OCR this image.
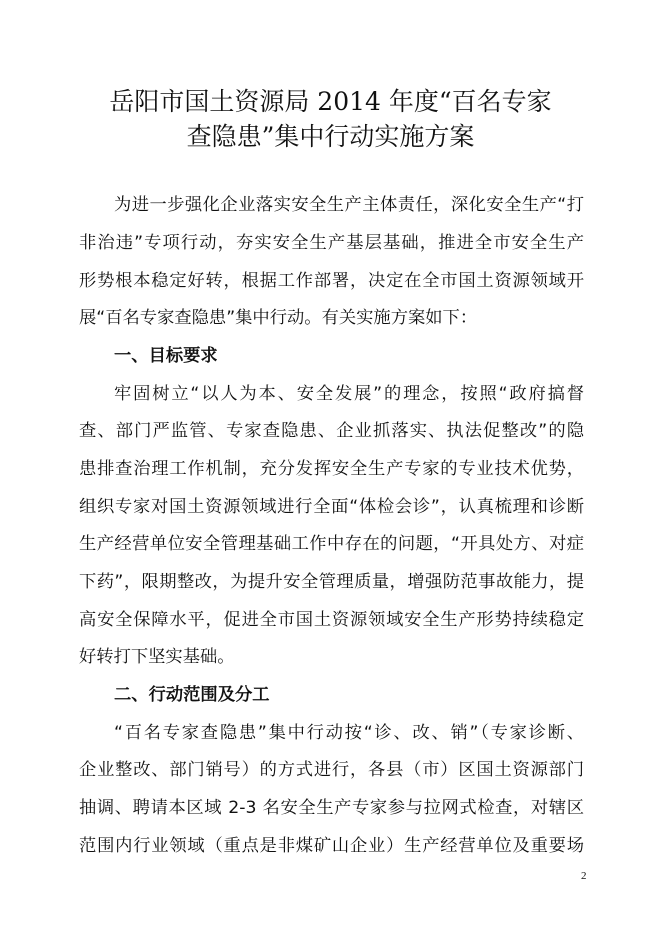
岳阳市国土资源局 2014 年度“百名专家
查隐患”集中行动实施方案
为进一步强化企业落实安全生产主体责任，深化安全生产“打
非治违”专项行动，夯实安全生产基层基础，推进全市安全生产
形势根本稳定好转，根据工作部署，决定在全市国土资源领域开
展“百名专家查隐患”集中行动。有关实施方案如下：
一、目标要求
牢固树立“以人为本、安全发展”的理念，按照“政府搞督
查、部门严监管、专家查隐患、企业抓落实、执法促整改”的隐
患排查治理工作机制，充分发挥安全生产专家的专业技术优势，
组织专家对国土资源领域进行全面“体检会诊”，认真梳理和诊断
生产经营单位安全管理基础工作中存在的问题，“开具处方、对症
下药”，限期整改，为提升安全管理质量，增强防范事故能力，提
高安全保障水平，促进全市国土资源领域安全生产形势持续稳定
好转打下坚实基础。
二、行动范围及分工
“百名专家查隐患”集中行动按“诊、改、销”（专家诊断、
企业整改、部门销号）的方式进行，各县（市）区国土资源部门
抽调、聘请本区域 2-3 名安全生产专家参与拉网式检查，对辖区
范围内行业领域（重点是非煤矿山企业）生产经营单位及重要场
2
